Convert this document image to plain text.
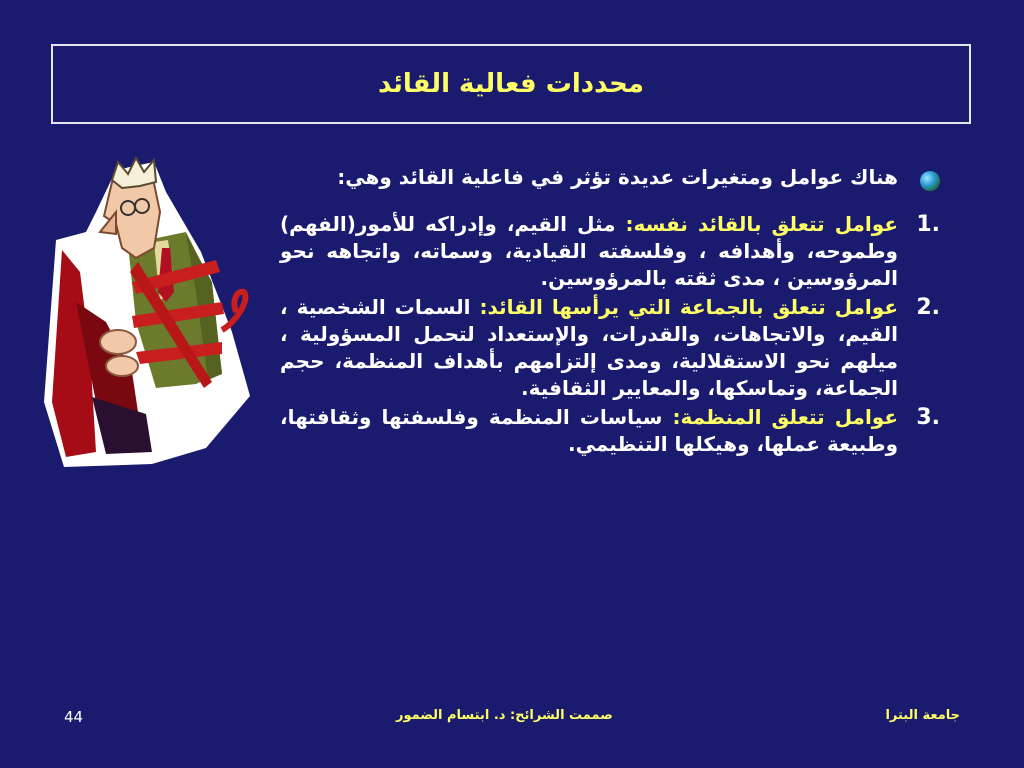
محددات فعالية القائد
هناك عوامل ومتغيرات عديدة تؤثر في فاعلية القائد وهي:
1.
عوامل تتعلق بالقائد نفسه: مثل القيم، وإدراكه للأمور(الفهم) وطموحه، وأهدافه ، وفلسفته القيادية، وسماته، واتجاهه نحو المرؤوسين ، مدى ثقته بالمرؤوسين.
2.
عوامل تتعلق بالجماعة التي يرأسها القائد: السمات الشخصية ، القيم، والاتجاهات، والقدرات، والإستعداد لتحمل المسؤولية ، ميلهم نحو الاستقلالية، ومدى إلتزامهم بأهداف المنظمة، حجم الجماعة، وتماسكها، والمعايير الثقافية.
3.
عوامل تتعلق المنظمة: سياسات المنظمة وفلسفتها وثقافتها، وطبيعة عملها، وهيكلها التنظيمي.
جامعة البترا
صممت الشرائح: د. ابتسام الضمور
44
